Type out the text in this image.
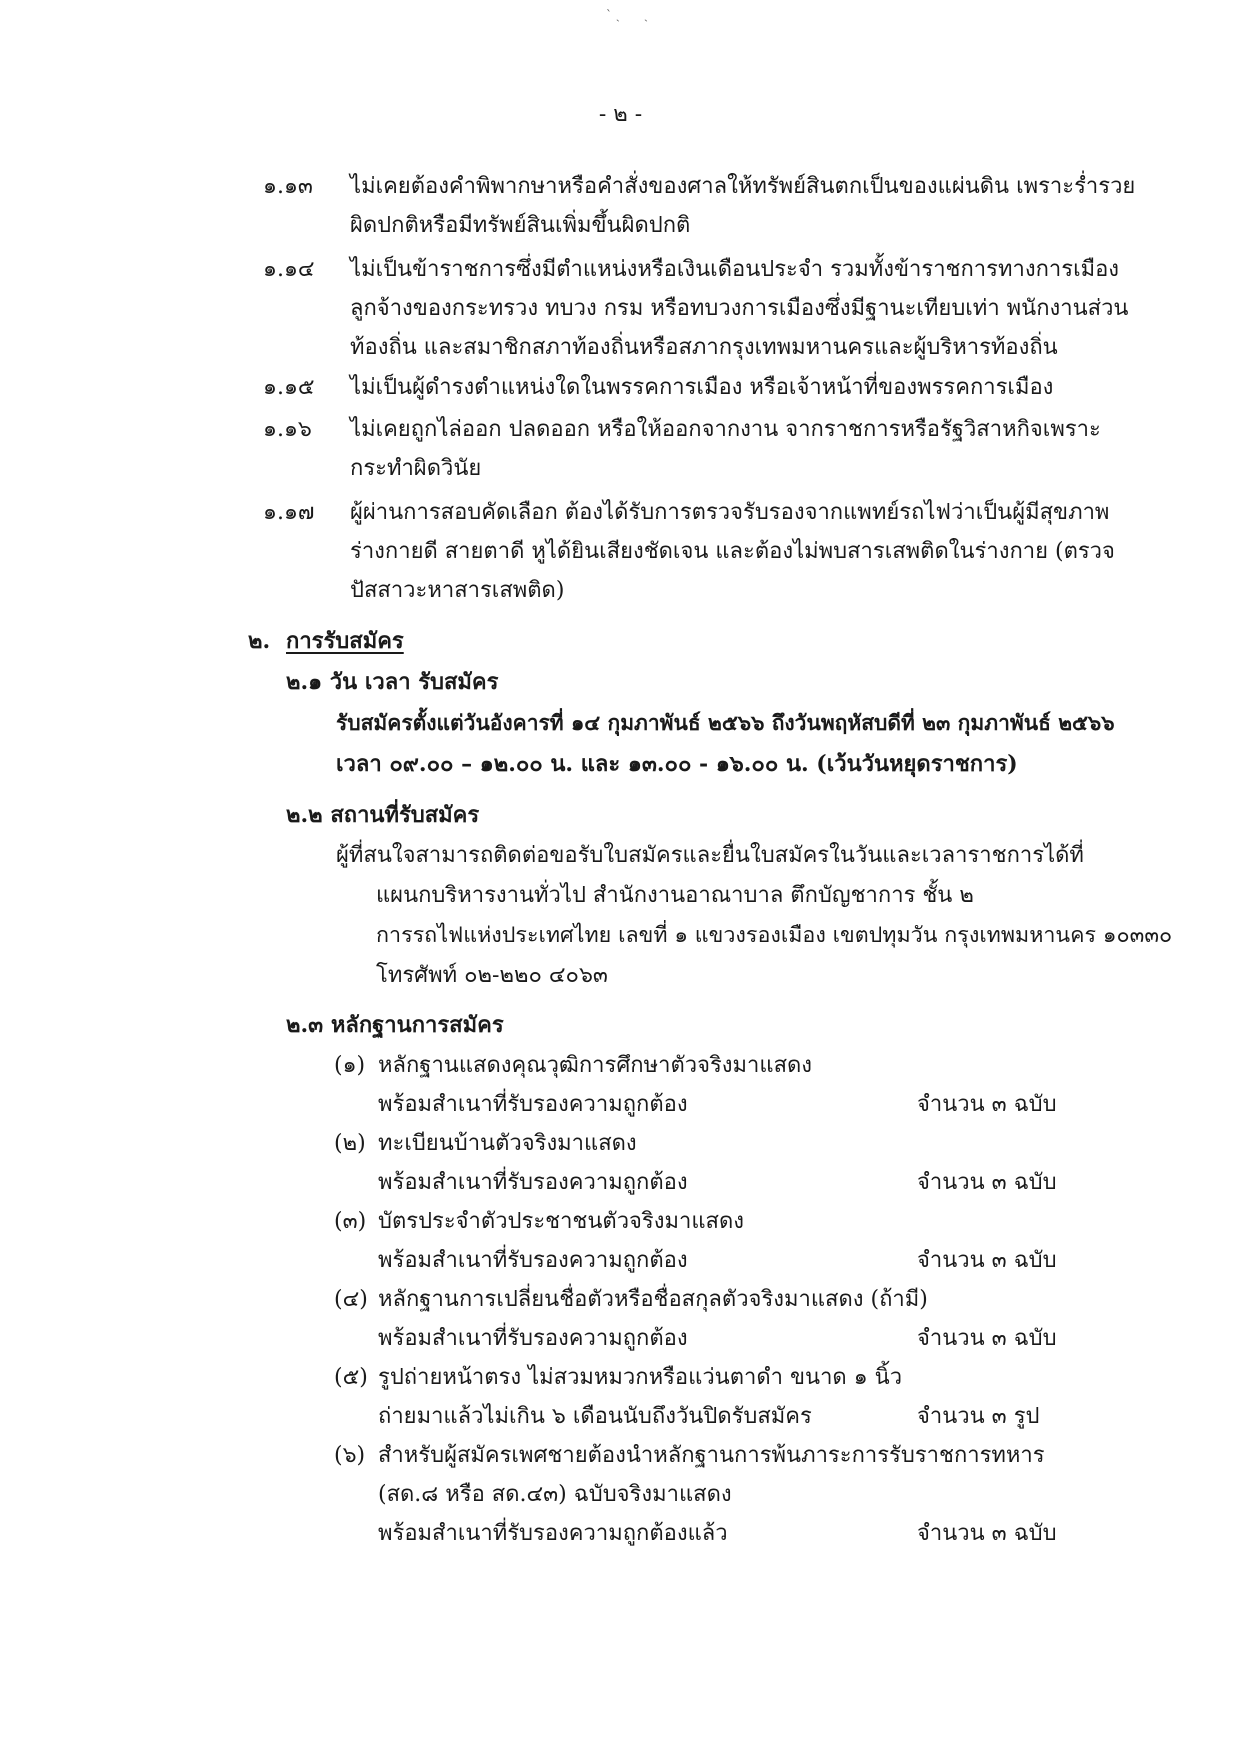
ˋ ˎ ˏ
- ๒ -
๑.๑๓ ไม่เคยต้องคำพิพากษาหรือคำสั่งของศาลให้ทรัพย์สินตกเป็นของแผ่นดิน เพราะร่ำรวย
ผิดปกติหรือมีทรัพย์สินเพิ่มขึ้นผิดปกติ
๑.๑๔ ไม่เป็นข้าราชการซึ่งมีตำแหน่งหรือเงินเดือนประจำ รวมทั้งข้าราชการทางการเมือง
ลูกจ้างของกระทรวง ทบวง กรม หรือทบวงการเมืองซึ่งมีฐานะเทียบเท่า พนักงานส่วน
ท้องถิ่น และสมาชิกสภาท้องถิ่นหรือสภากรุงเทพมหานครและผู้บริหารท้องถิ่น
๑.๑๕ ไม่เป็นผู้ดำรงตำแหน่งใดในพรรคการเมือง หรือเจ้าหน้าที่ของพรรคการเมือง
๑.๑๖ ไม่เคยถูกไล่ออก ปลดออก หรือให้ออกจากงาน จากราชการหรือรัฐวิสาหกิจเพราะ
กระทำผิดวินัย
๑.๑๗ ผู้ผ่านการสอบคัดเลือก ต้องได้รับการตรวจรับรองจากแพทย์รถไฟว่าเป็นผู้มีสุขภาพ
ร่างกายดี สายตาดี หูได้ยินเสียงชัดเจน และต้องไม่พบสารเสพติดในร่างกาย (ตรวจ
ปัสสาวะหาสารเสพติด)
๒. การรับสมัคร
๒.๑ วัน เวลา รับสมัคร
รับสมัครตั้งแต่วันอังคารที่ ๑๔ กุมภาพันธ์ ๒๕๖๖ ถึงวันพฤหัสบดีที่ ๒๓ กุมภาพันธ์ ๒๕๖๖
เวลา ๐๙.๐๐ – ๑๒.๐๐ น. และ ๑๓.๐๐ - ๑๖.๐๐ น. (เว้นวันหยุดราชการ)
๒.๒ สถานที่รับสมัคร
ผู้ที่สนใจสามารถติดต่อขอรับใบสมัครและยื่นใบสมัครในวันและเวลาราชการได้ที่
แผนกบริหารงานทั่วไป สำนักงานอาณาบาล ตึกบัญชาการ ชั้น ๒
การรถไฟแห่งประเทศไทย เลขที่ ๑ แขวงรองเมือง เขตปทุมวัน กรุงเทพมหานคร ๑๐๓๓๐
โทรศัพท์ ๐๒-๒๒๐ ๔๐๖๓
๒.๓ หลักฐานการสมัคร
(๑) หลักฐานแสดงคุณวุฒิการศึกษาตัวจริงมาแสดง
พร้อมสำเนาที่รับรองความถูกต้อง	จำนวน ๓ ฉบับ
(๒) ทะเบียนบ้านตัวจริงมาแสดง
พร้อมสำเนาที่รับรองความถูกต้อง	จำนวน ๓ ฉบับ
(๓) บัตรประจำตัวประชาชนตัวจริงมาแสดง
พร้อมสำเนาที่รับรองความถูกต้อง	จำนวน ๓ ฉบับ
(๔) หลักฐานการเปลี่ยนชื่อตัวหรือชื่อสกุลตัวจริงมาแสดง (ถ้ามี)
พร้อมสำเนาที่รับรองความถูกต้อง	จำนวน ๓ ฉบับ
(๕) รูปถ่ายหน้าตรง ไม่สวมหมวกหรือแว่นตาดำ ขนาด ๑ นิ้ว
ถ่ายมาแล้วไม่เกิน ๖ เดือนนับถึงวันปิดรับสมัคร	จำนวน ๓ รูป
(๖) สำหรับผู้สมัครเพศชายต้องนำหลักฐานการพ้นภาระการรับราชการทหาร
(สด.๘ หรือ สด.๔๓) ฉบับจริงมาแสดง
พร้อมสำเนาที่รับรองความถูกต้องแล้ว	จำนวน ๓ ฉบับ
